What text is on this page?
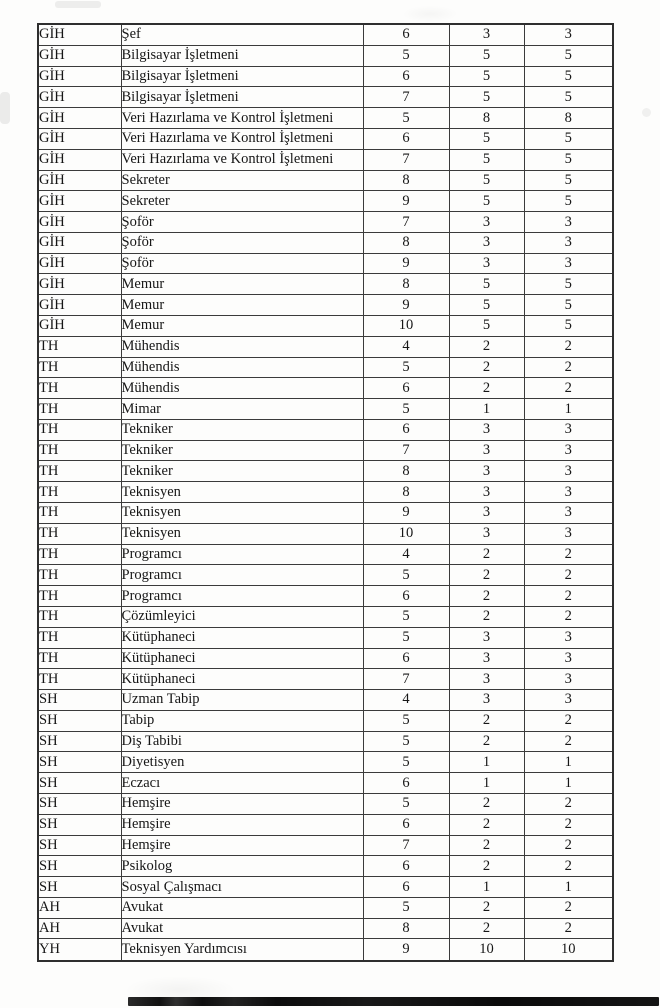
GİH	Şef	6	3	3
GİH	Bilgisayar İşletmeni	5	5	5
GİH	Bilgisayar İşletmeni	6	5	5
GİH	Bilgisayar İşletmeni	7	5	5
GİH	Veri Hazırlama ve Kontrol İşletmeni	5	8	8
GİH	Veri Hazırlama ve Kontrol İşletmeni	6	5	5
GİH	Veri Hazırlama ve Kontrol İşletmeni	7	5	5
GİH	Sekreter	8	5	5
GİH	Sekreter	9	5	5
GİH	Şoför	7	3	3
GİH	Şoför	8	3	3
GİH	Şoför	9	3	3
GİH	Memur	8	5	5
GİH	Memur	9	5	5
GİH	Memur	10	5	5
TH	Mühendis	4	2	2
TH	Mühendis	5	2	2
TH	Mühendis	6	2	2
TH	Mimar	5	1	1
TH	Tekniker	6	3	3
TH	Tekniker	7	3	3
TH	Tekniker	8	3	3
TH	Teknisyen	8	3	3
TH	Teknisyen	9	3	3
TH	Teknisyen	10	3	3
TH	Programcı	4	2	2
TH	Programcı	5	2	2
TH	Programcı	6	2	2
TH	Çözümleyici	5	2	2
TH	Kütüphaneci	5	3	3
TH	Kütüphaneci	6	3	3
TH	Kütüphaneci	7	3	3
SH	Uzman Tabip	4	3	3
SH	Tabip	5	2	2
SH	Diş Tabibi	5	2	2
SH	Diyetisyen	5	1	1
SH	Eczacı	6	1	1
SH	Hemşire	5	2	2
SH	Hemşire	6	2	2
SH	Hemşire	7	2	2
SH	Psikolog	6	2	2
SH	Sosyal Çalışmacı	6	1	1
AH	Avukat	5	2	2
AH	Avukat	8	2	2
YH	Teknisyen Yardımcısı	9	10	10
